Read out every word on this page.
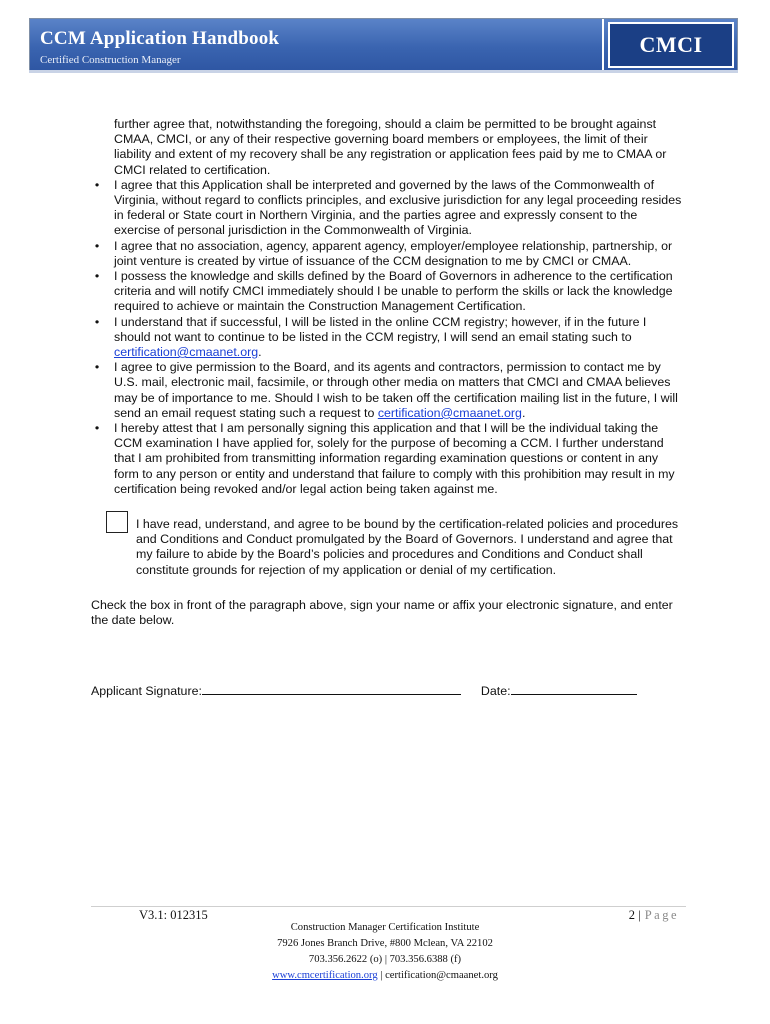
CCM Application Handbook
Certified Construction Manager
CMCI

further agree that, notwithstanding the foregoing, should a claim be permitted to be brought against CMAA, CMCI, or any of their respective governing board members or employees, the limit of their liability and extent of my recovery shall be any registration or application fees paid by me to CMAA or CMCI related to certification.

•	I agree that this Application shall be interpreted and governed by the laws of the Commonwealth of Virginia, without regard to conflicts principles, and exclusive jurisdiction for any legal proceeding resides in federal or State court in Northern Virginia, and the parties agree and expressly consent to the exercise of personal jurisdiction in the Commonwealth of Virginia.
•	I agree that no association, agency, apparent agency, employer/employee relationship, partnership, or joint venture is created by virtue of issuance of the CCM designation to me by CMCI or CMAA.
•	I possess the knowledge and skills defined by the Board of Governors in adherence to the certification criteria and will notify CMCI immediately should I be unable to perform the skills or lack the knowledge required to achieve or maintain the Construction Management Certification.
•	I understand that if successful, I will be listed in the online CCM registry; however, if in the future I should not want to continue to be listed in the CCM registry, I will send an email stating such to certification@cmaanet.org.
•	I agree to give permission to the Board, and its agents and contractors, permission to contact me by U.S. mail, electronic mail, facsimile, or through other media on matters that CMCI and CMAA believes may be of importance to me. Should I wish to be taken off the certification mailing list in the future, I will send an email request stating such a request to certification@cmaanet.org.
•	I hereby attest that I am personally signing this application and that I will be the individual taking the CCM examination I have applied for, solely for the purpose of becoming a CCM. I further understand that I am prohibited from transmitting information regarding examination questions or content in any form to any person or entity and understand that failure to comply with this prohibition may result in my certification being revoked and/or legal action being taken against me.

I have read, understand, and agree to be bound by the certification-related policies and procedures and Conditions and Conduct promulgated by the Board of Governors. I understand and agree that my failure to abide by the Board’s policies and procedures and Conditions and Conduct shall constitute grounds for rejection of my application or denial of my certification.

Check the box in front of the paragraph above, sign your name or affix your electronic signature, and enter the date below.

Applicant Signature:	Date:
V3.1: 012315	2 | Page
Construction Manager Certification Institute
7926 Jones Branch Drive, #800 Mclean, VA 22102
703.356.2622 (o) | 703.356.6388 (f)
www.cmcertification.org | certification@cmaanet.org
